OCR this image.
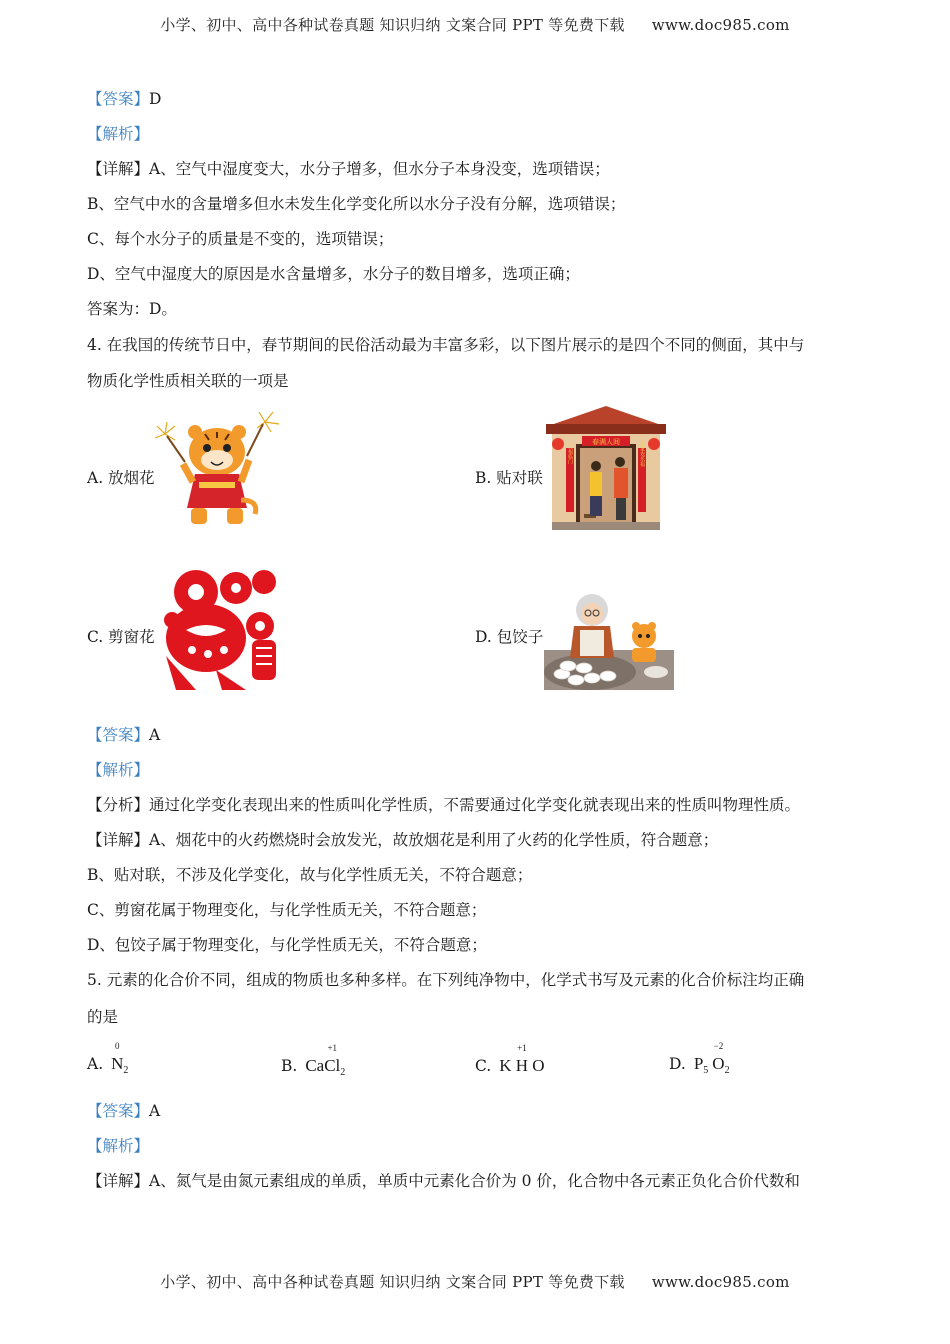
小学、初中、高中各种试卷真题 知识归纳 文案合同 PPT 等免费下载 www.doc985.com
【答案】D
【解析】
【详解】A、空气中湿度变大，水分子增多，但水分子本身没变，选项错误；
B、空气中水的含量增多但水未发生化学变化所以水分子没有分解，选项错误；
C、每个水分子的质量是不变的，选项错误；
D、空气中湿度大的原因是水含量增多，水分子的数目增多，选项正确；
答案为：D。
4. 在我国的传统节日中，春节期间的民俗活动最为丰富多彩，以下图片展示的是四个不同的侧面，其中与
物质化学性质相关联的一项是
A. 放烟花	B. 贴对联
春满人间
五福临门	家家欢乐福
C. 剪窗花	D. 包饺子
【答案】A
【解析】
【分析】通过化学变化表现出来的性质叫化学性质，不需要通过化学变化就表现出来的性质叫物理性质。
【详解】A、烟花中的火药燃烧时会放发光，故放烟花是利用了火药的化学性质，符合题意；
B、贴对联，不涉及化学变化，故与化学性质无关，不符合题意；
C、剪窗花属于物理变化，与化学性质无关，不符合题意；
D、包饺子属于物理变化，与化学性质无关，不符合题意；
5. 元素的化合价不同，组成的物质也多种多样。在下列纯净物中，化学式书写及元素的化合价标注均正确
的是
A.
0
$N_2$	B. Ca
+1
$Cl_2$	C. K
+1
H O	D. $P_5$
−2
$O_2$
【答案】A
【解析】
【详解】A、氮气是由氮元素组成的单质，单质中元素化合价为 0 价，化合物中各元素正负化合价代数和
小学、初中、高中各种试卷真题 知识归纳 文案合同 PPT 等免费下载 www.doc985.com
